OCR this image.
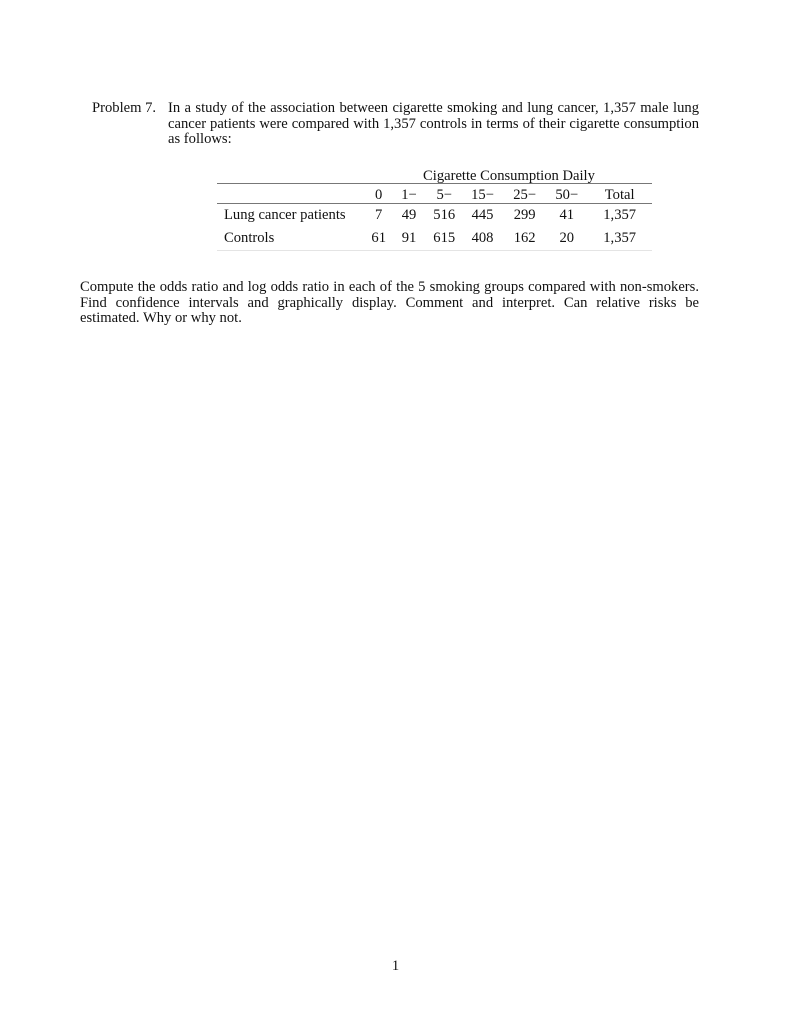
Problem 7. In a study of the association between cigarette smoking and lung cancer, 1,357 male lung cancer patients were compared with 1,357 controls in terms of their cigarette consumption as follows:
	Cigarette Consumption Daily						
	0	1−	5−	15−	25−	50−	Total
Lung cancer patients	7	49	516	445	299	41	1,357
Controls	61	91	615	408	162	20	1,357
Compute the odds ratio and log odds ratio in each of the 5 smoking groups compared with non-smokers. Find confidence intervals and graphically display. Comment and interpret. Can relative risks be estimated. Why or why not.
1
